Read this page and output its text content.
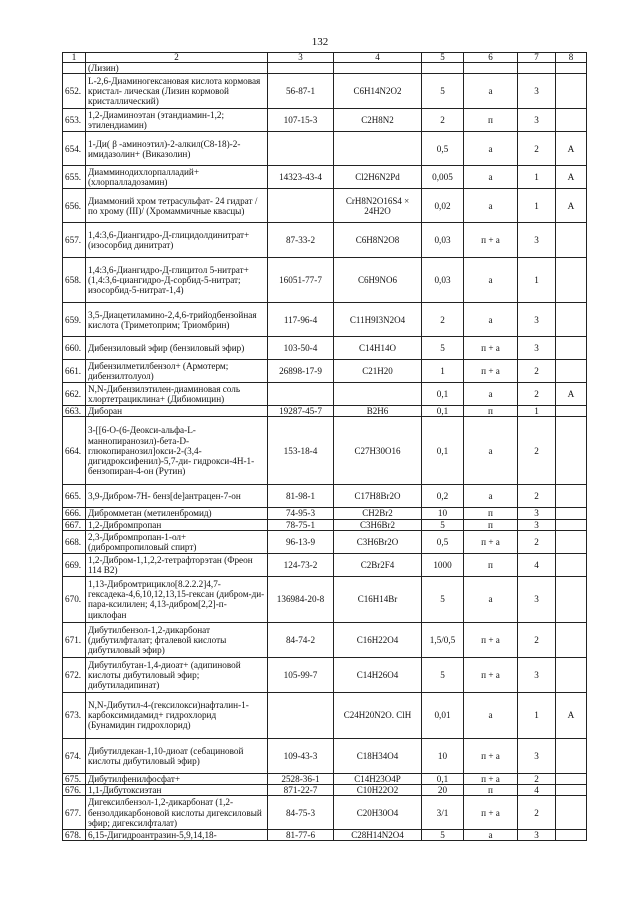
132
1	2	3	4	5	6	7	8
	(Лизин)						
652.	L-2,6-Диаминогексановая кислота кормовая кристал- лическая (Лизин кормовой кристаллический)	56-87-1	C6H14N2O2	5	а	3	
653.	1,2-Диаминоэтан (этандиамин-1,2; этилендиамин)	107-15-3	C2H8N2	2	п	3	
654.	1-Ди( β -аминоэтил)-2-алкил(С8-18)-2-имидазолин+ (Виказолин)			0,5	а	2	А
655.	Диамминодихлорпалладий+ (хлорпалладозамин)	14323-43-4	Cl2H6N2Pd	0,005	а	1	А
656.	Диаммоний хром тетрасульфат- 24 гидрат /по хрому (III)/ (Хромаммичные квасцы)		CrH8N2O16S4 × 24H2O	0,02	а	1	А
657.	1,4:3,6-Диангидро-Д-глицидолдинитрат+ (изосорбид динитрат)	87-33-2	C6H8N2O8	0,03	п + а	3	
658.	1,4:3,6-Диангидро-Д-глицитол 5-нитрат+ (1,4:3,6-циангидро-Д-сорбид-5-нитрат; изосорбид-5-нитрат-1,4)	16051-77-7	C6H9NO6	0,03	а	1	
659.	3,5-Диацетиламино-2,4,6-трийодбензойная кислота (Триметоприм; Триомбрин)	117-96-4	C11H9I3N2O4	2	а	3	
660.	Дибензиловый эфир (бензиловый эфир)	103-50-4	C14H14O	5	п + а	3	
661.	Дибензилметилбензол+ (Армотерм; дибензилтолуол)	26898-17-9	C21H20	1	п + а	2	
662.	N,N-Дибензилэтилен-диаминовая соль хлортетрациклина+ (Дибиомицин)			0,1	а	2	А
663.	Диборан	19287-45-7	B2H6	0,1	п	1	
664.	3-[[6-O-(6-Деокси-альфа-L-маннопиранозил)-бета-D-глюкопиранозил]окси-2-(3,4-дигидроксифенил)-5,7-ди- гидрокси-4Н-1-бензопиран-4-он (Рутин)	153-18-4	C27H30O16	0,1	а	2	
665.	3,9-Дибром-7Н- бенз[de]антрацен-7-он	81-98-1	C17H8Br2O	0,2	а	2	
666.	Дибромметан (метиленбромид)	74-95-3	CH2Br2	10	п	3	
667.	1,2-Дибромпропан	78-75-1	C3H6Br2	5	п	3	
668.	2,3-Дибромпропан-1-ол+ (дибромпропиловый спирт)	96-13-9	C3H6Br2O	0,5	п + а	2	
669.	1,2-Дибром-1,1,2,2-тетрафторэтан (Фреон 114 В2)	124-73-2	C2Br2F4	1000	п	4	
670.	1,13-Дибромтрицикло[8.2.2.2]4,7-гексадека-4,6,10,12,13,15-гексан (дибром-ди-пара-ксилилен; 4,13-дибром[2,2]-п-циклофан	136984-20-8	C16H14Br	5	а	3	
671.	Дибутилбензол-1,2-дикарбонат (дибутилфталат; фталевой кислоты дибутиловый эфир)	84-74-2	C16H22O4	1,5/0,5	п + а	2	
672.	Дибутилбутан-1,4-диоат+ (адипиновой кислоты дибутиловый эфир; дибутиладипинат)	105-99-7	C14H26O4	5	п + а	3	
673.	N,N-Дибутил-4-(гексилокси)нафталин-1-карбоксимидамид+ гидрохлорид (Бунамидин гидрохлорид)		C24H20N2O. ClH	0,01	а	1	А
674.	Дибутилдекан-1,10-диоат (себациновой кислоты дибутиловый эфир)	109-43-3	C18H34O4	10	п + а	3	
675.	Дибутилфенилфосфат+	2528-36-1	C14H23O4P	0,1	п + а	2	
676.	1,1-Дибутоксиэтан	871-22-7	C10H22O2	20	п	4	
677.	Дигексилбензол-1,2-дикарбонат (1,2-бензолдикарбоновой кислоты дигексиловый эфир; дигексилфталат)	84-75-3	C20H30O4	3/1	п + а	2	
678.	6,15-Дигидроантразин-5,9,14,18-	81-77-6	C28H14N2O4	5	а	3	
